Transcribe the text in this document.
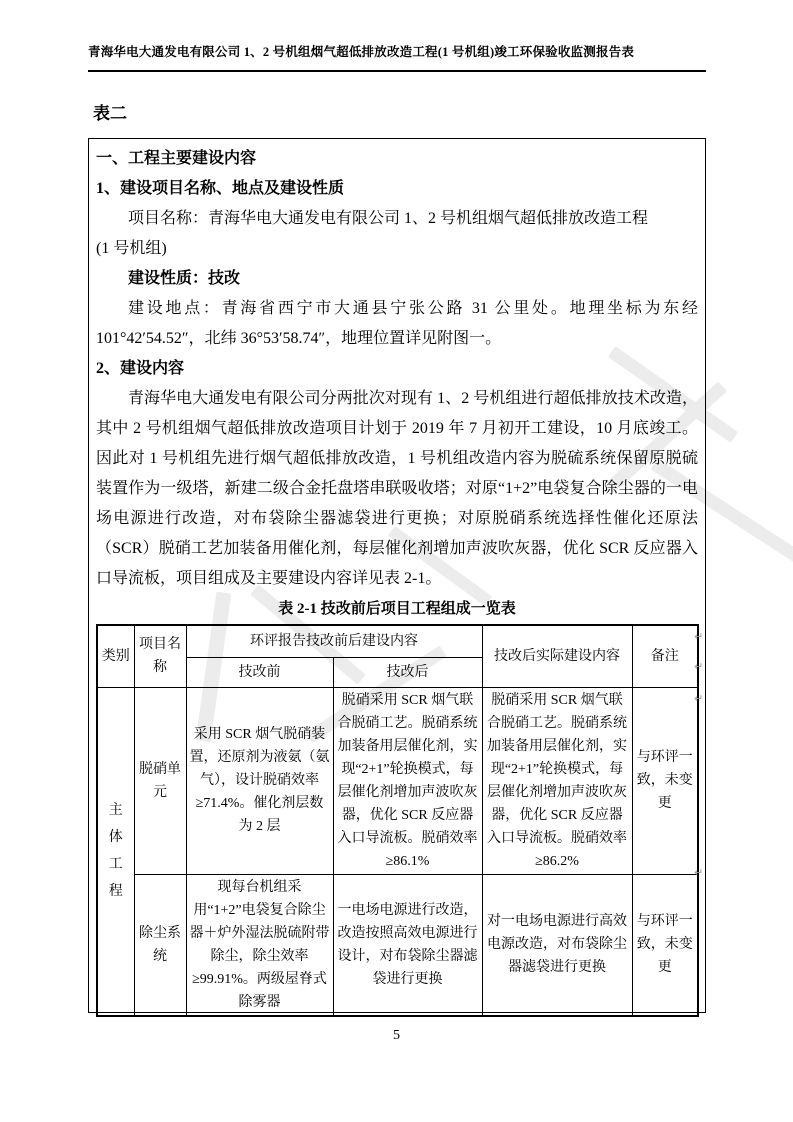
青海华电大通发电有限公司 1、2 号机组烟气超低排放改造工程(1 号机组)竣工环保验收监测报告表
表二
一、工程主要建设内容
1、建设项目名称、地点及建设性质
项目名称：青海华电大通发电有限公司 1、2 号机组烟气超低排放改造工程
(1 号机组)
建设性质：技改
建设地点：青海省西宁市大通县宁张公路 31 公里处。地理坐标为东经 101°42′54.52″，北纬 36°53′58.74″，地理位置详见附图一。
2、建设内容
青海华电大通发电有限公司分两批次对现有 1、2 号机组进行超低排放技术改造，其中 2 号机组烟气超低排放改造项目计划于 2019 年 7 月初开工建设，10 月底竣工。因此对 1 号机组先进行烟气超低排放改造，1 号机组改造内容为脱硫系统保留原脱硫装置作为一级塔，新建二级合金托盘塔串联吸收塔；对原“1+2”电袋复合除尘器的一电场电源进行改造，对布袋除尘器滤袋进行更换；对原脱硝系统选择性催化还原法（SCR）脱硝工艺加装备用催化剂，每层催化剂增加声波吹灰器，优化 SCR 反应器入口导流板，项目组成及主要建设内容详见表 2-1。
表 2-1 技改前后项目工程组成一览表
类别	项目名称	环评报告技改前后建设内容		技改后实际建设内容	备注
		技改前	技改后		
主体工程	脱硝单元	采用 SCR 烟气脱硝装置，还原剂为液氨（氨气），设计脱硝效率≥71.4%。催化剂层数为 2 层	脱硝采用 SCR 烟气联合脱硝工艺。脱硝系统加装备用层催化剂，实现“2+1”轮换模式，每层催化剂增加声波吹灰器，优化 SCR 反应器入口导流板。脱硝效率≥86.1%	脱硝采用 SCR 烟气联合脱硝工艺。脱硝系统加装备用层催化剂，实现“2+1”轮换模式，每层催化剂增加声波吹灰器，优化 SCR 反应器入口导流板。脱硝效率≥86.2%	与环评一致，未变更
	除尘系统	现每台机组采用“1+2”电袋复合除尘器＋炉外湿法脱硫附带除尘，除尘效率≥99.91%。两级屋脊式除雾器	一电场电源进行改造，改造按照高效电源进行设计，对布袋除尘器滤袋进行更换	对一电场电源进行高效电源改造，对布袋除尘器滤袋进行更换	与环评一致，未变更
↵
↵
↵
↵
5
